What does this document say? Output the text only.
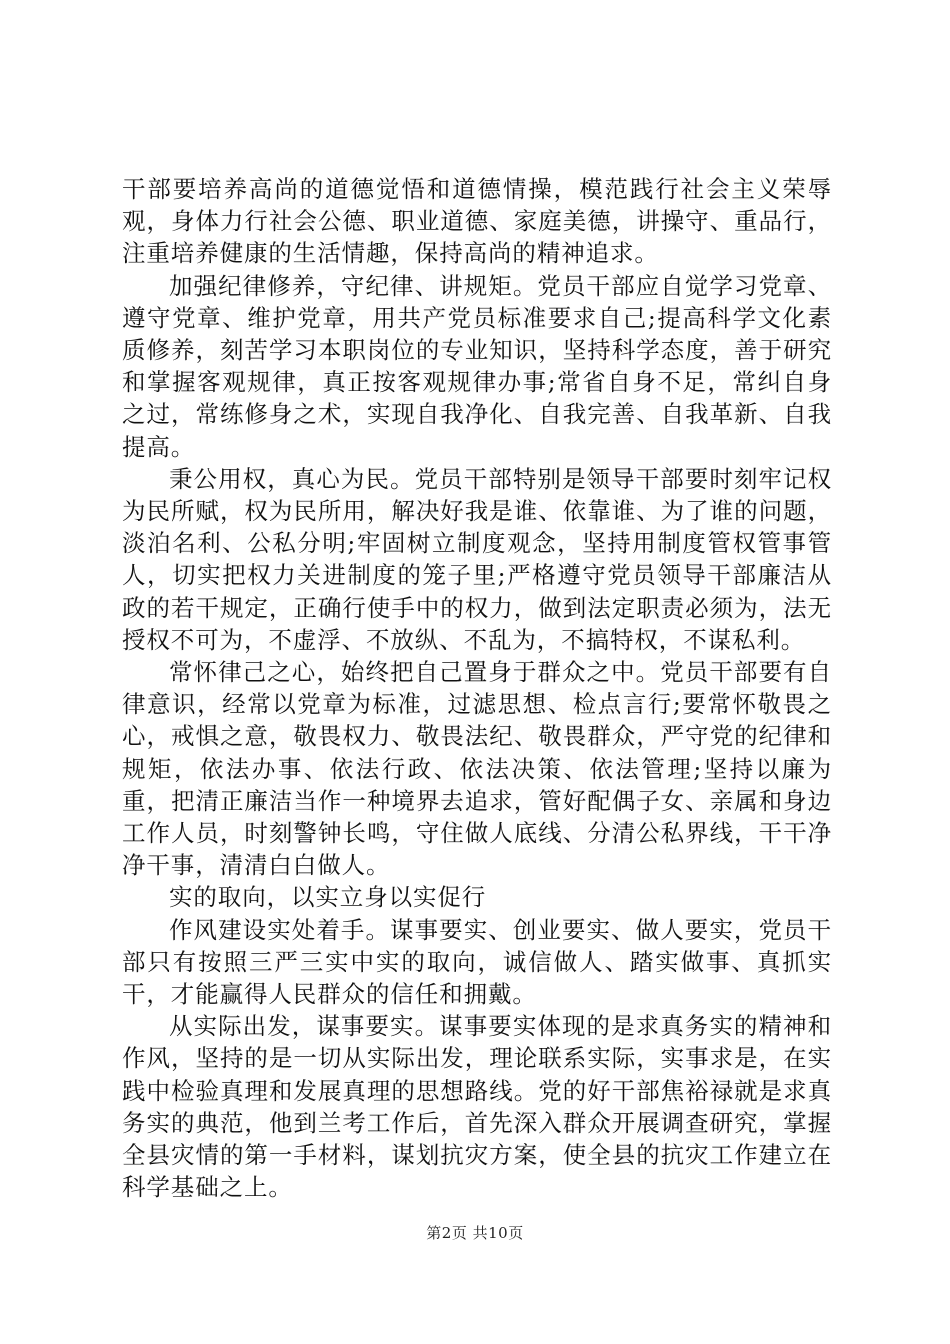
干部要培养高尚的道德觉悟和道德情操，模范践行社会主义荣辱观，身体力行社会公德、职业道德、家庭美德，讲操守、重品行，注重培养健康的生活情趣，保持高尚的精神追求。

加强纪律修养，守纪律、讲规矩。党员干部应自觉学习党章、遵守党章、维护党章，用共产党员标准要求自己;提高科学文化素质修养，刻苦学习本职岗位的专业知识，坚持科学态度，善于研究和掌握客观规律，真正按客观规律办事;常省自身不足，常纠自身之过，常练修身之术，实现自我净化、自我完善、自我革新、自我提高。

秉公用权，真心为民。党员干部特别是领导干部要时刻牢记权为民所赋，权为民所用，解决好我是谁、依靠谁、为了谁的问题，淡泊名利、公私分明;牢固树立制度观念，坚持用制度管权管事管人，切实把权力关进制度的笼子里;严格遵守党员领导干部廉洁从政的若干规定，正确行使手中的权力，做到法定职责必须为，法无授权不可为，不虚浮、不放纵、不乱为，不搞特权，不谋私利。

常怀律己之心，始终把自己置身于群众之中。党员干部要有自律意识，经常以党章为标准，过滤思想、检点言行;要常怀敬畏之心，戒惧之意，敬畏权力、敬畏法纪、敬畏群众，严守党的纪律和规矩，依法办事、依法行政、依法决策、依法管理;坚持以廉为重，把清正廉洁当作一种境界去追求，管好配偶子女、亲属和身边工作人员，时刻警钟长鸣，守住做人底线、分清公私界线，干干净净干事，清清白白做人。

实的取向，以实立身以实促行

作风建设实处着手。谋事要实、创业要实、做人要实，党员干部只有按照三严三实中实的取向，诚信做人、踏实做事、真抓实干，才能赢得人民群众的信任和拥戴。

从实际出发，谋事要实。谋事要实体现的是求真务实的精神和作风，坚持的是一切从实际出发，理论联系实际，实事求是，在实践中检验真理和发展真理的思想路线。党的好干部焦裕禄就是求真务实的典范，他到兰考工作后，首先深入群众开展调查研究，掌握全县灾情的第一手材料，谋划抗灾方案，使全县的抗灾工作建立在科学基础之上。

第2页 共10页
